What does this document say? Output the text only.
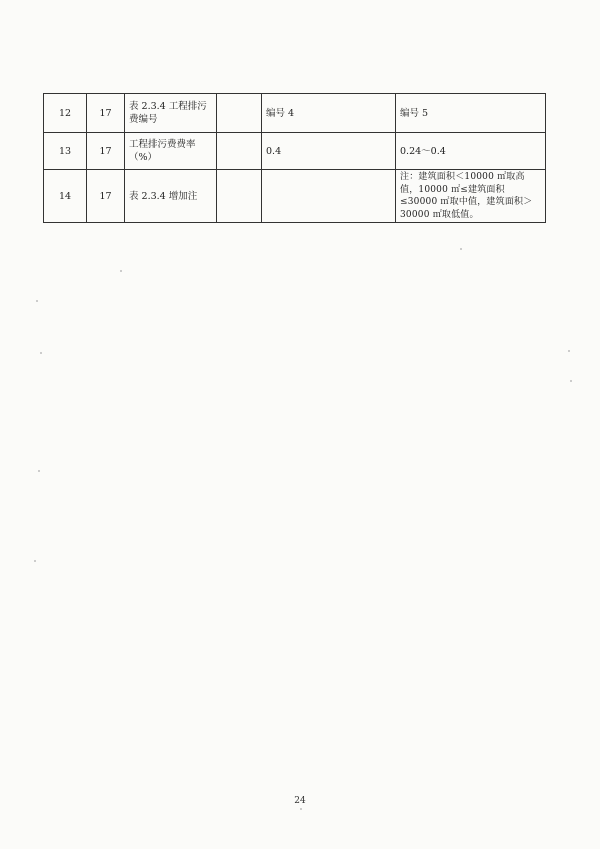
12	17	表 2.3.4 工程排污费编号		编号 4	编号 5
13	17	工程排污费费率（%）		0.4	0.24～0.4
14	17	表 2.3.4 增加注			注：建筑面积＜10000 ㎡取高值，10000 ㎡≤建筑面积≤30000 ㎡取中值，建筑面积＞30000 ㎡取低值。
24
